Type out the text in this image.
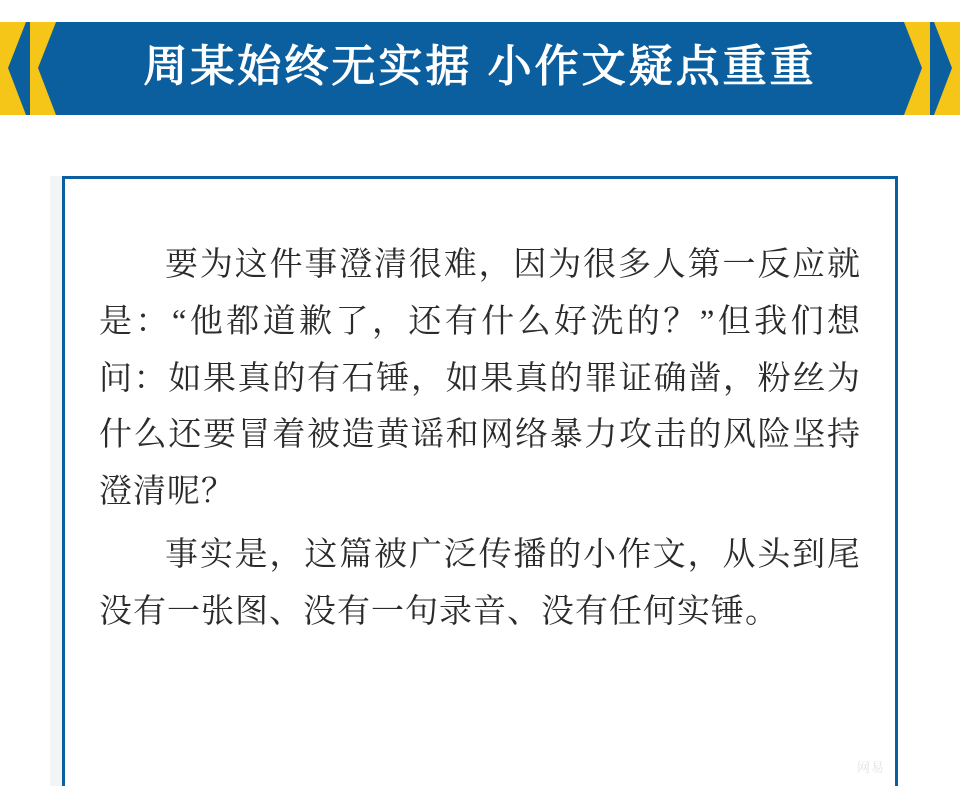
周某始终无实据 小作文疑点重重

要为这件事澄清很难，因为很多人第一反应就是：“他都道歉了，还有什么好洗的？”但我们想问：如果真的有石锤，如果真的罪证确凿，粉丝为什么还要冒着被造黄谣和网络暴力攻击的风险坚持澄清呢？

事实是，这篇被广泛传播的小作文，从头到尾没有一张图、没有一句录音、没有任何实锤。

网易
